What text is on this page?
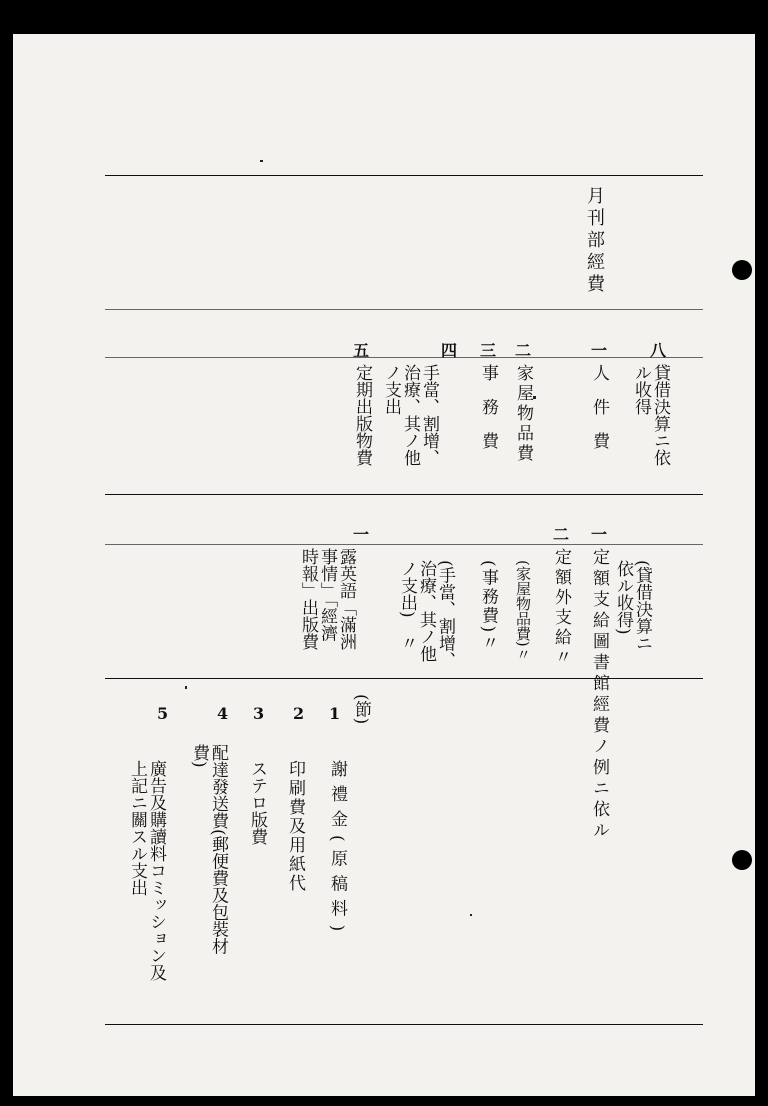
月刊部經費
八
貸借決算ニ依
ル收得
一
人　件　費
二
家屋物品費
三
事　務　費
四
手當、割增、
治療、其ノ他
ノ支出
五
定期出版物費
(貸借決算ニ
依ル收得)
一
定額支給圖書館經費ノ例ニ依ル
二
定額外支給〃
(家屋物品費)〃
(事務費)〃
(手當、割增、
治療、其ノ他
ノ支出)　〃
一
露英語「滿洲
事情」「經濟
時報」出版費
(節)
1
謝禮金(原稿料)
2
印刷費及用紙代
3
ステロ版費
4
配達發送費(郵便費及包裝材
費)
5
廣告及購讀料コミッション及
上記ニ關スル支出
